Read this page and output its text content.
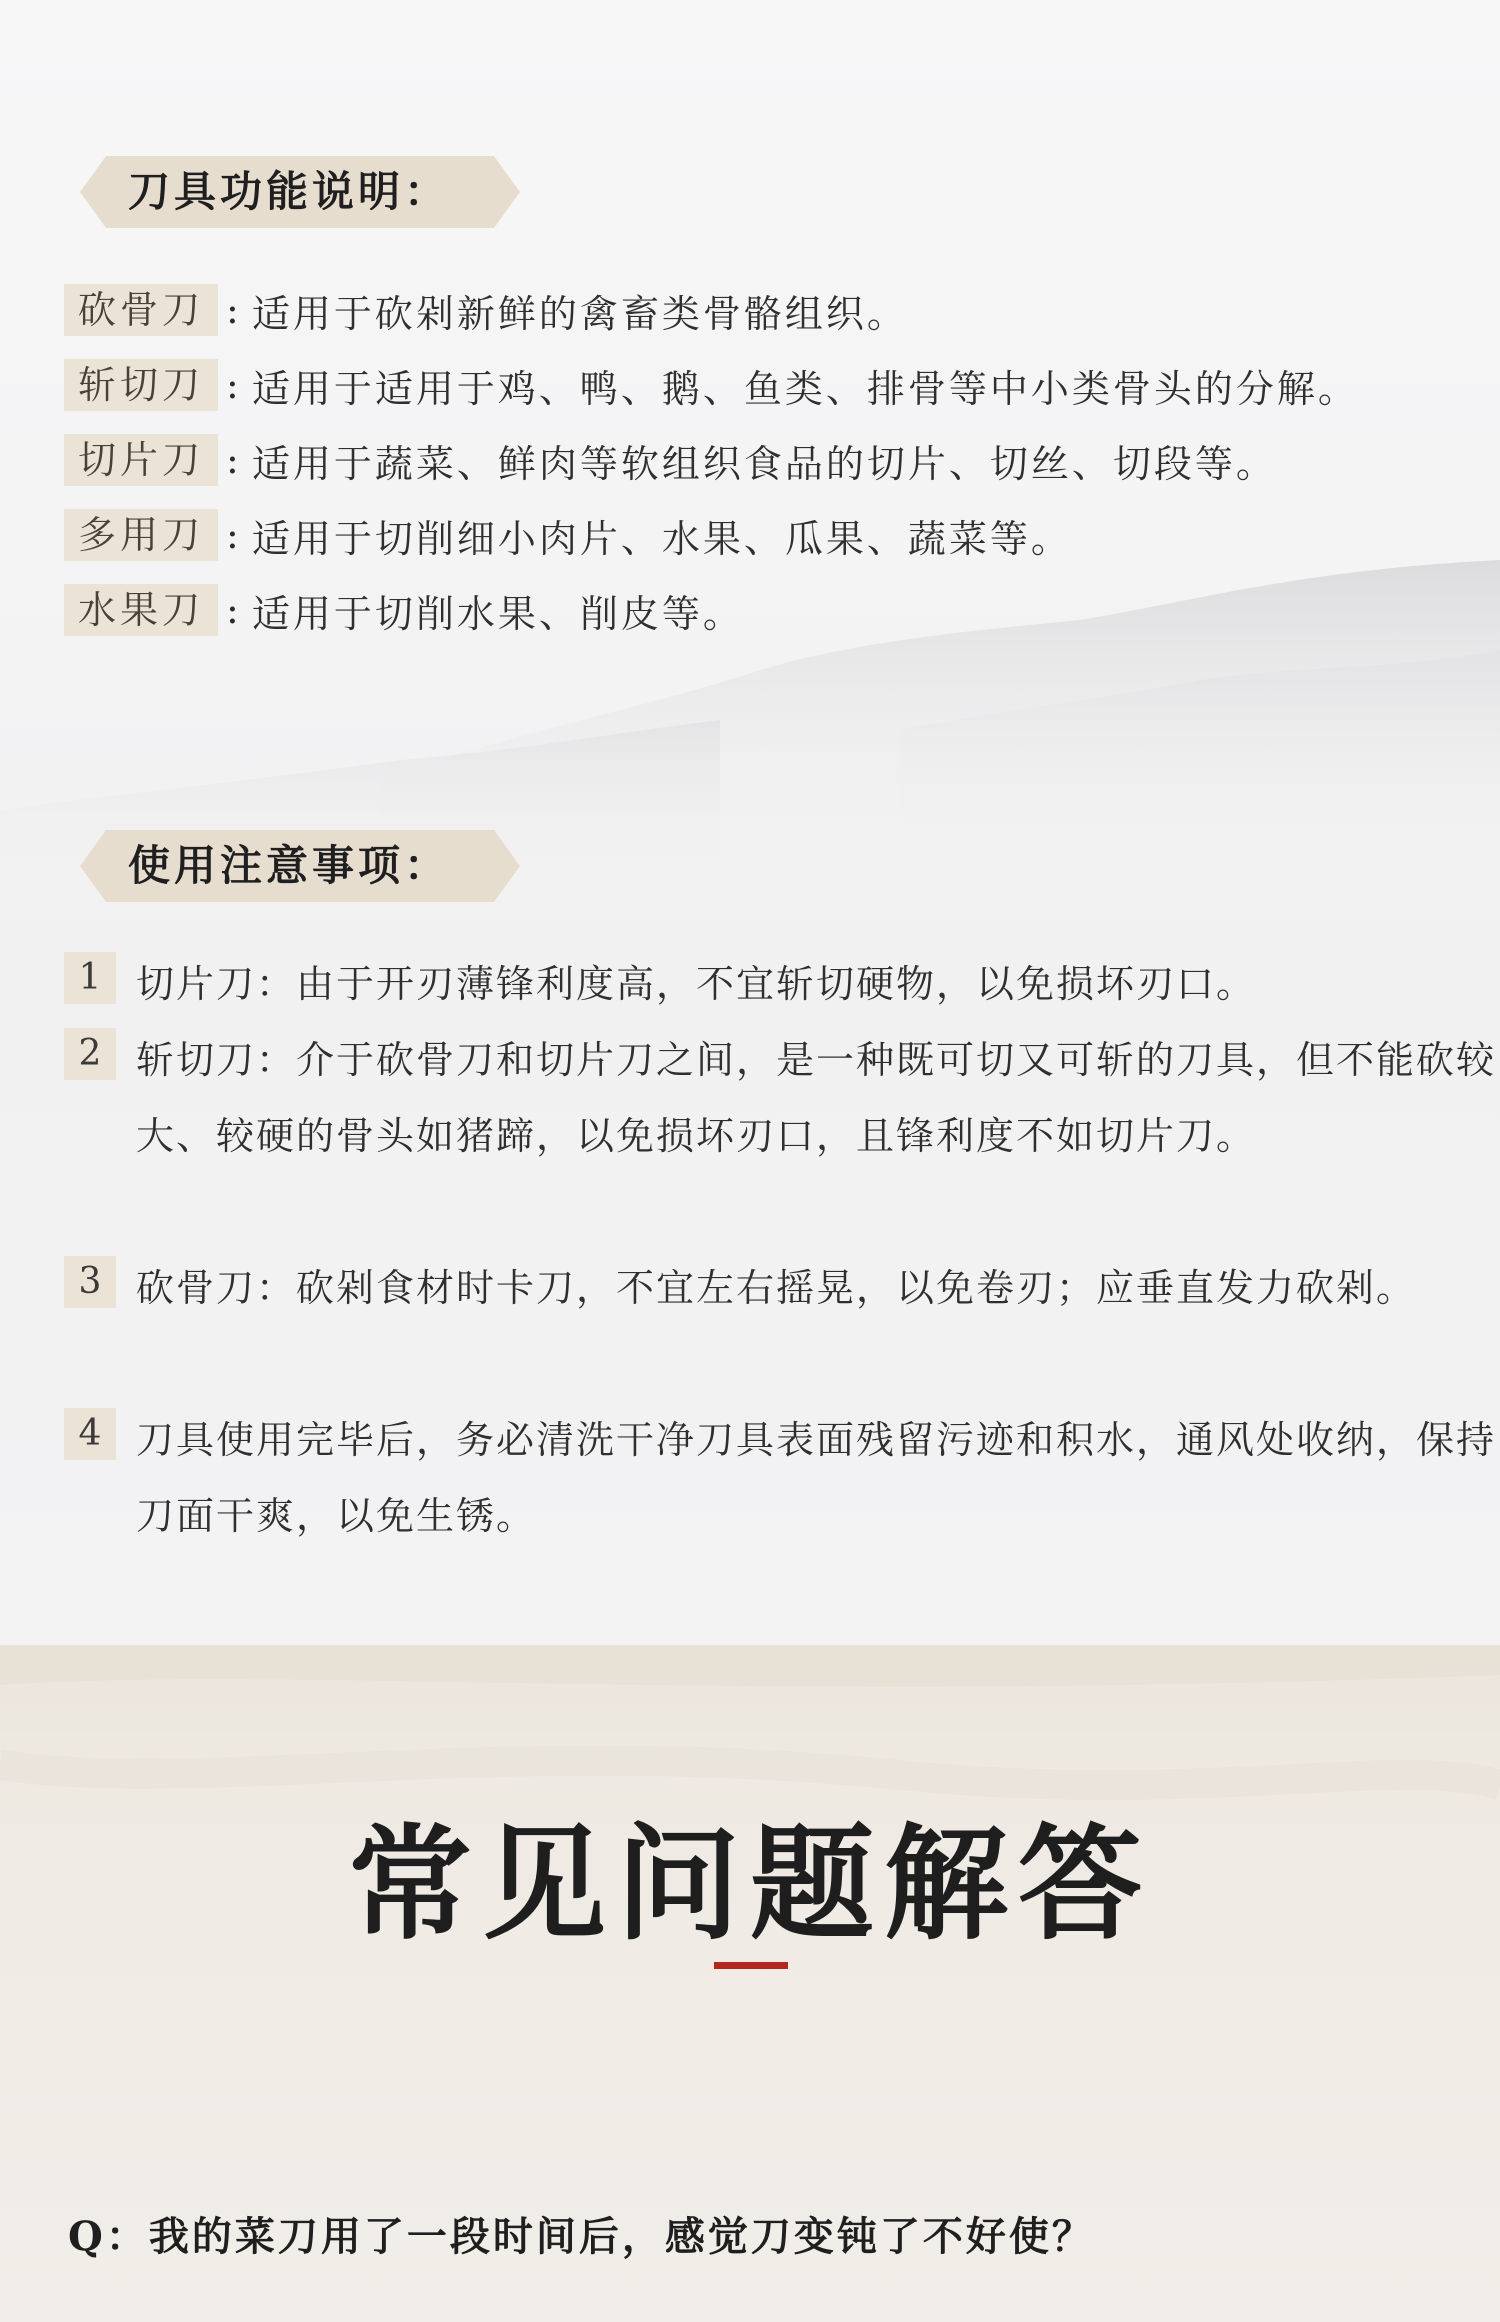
刀具功能说明：
砍骨刀 : 适用于砍剁新鲜的禽畜类骨骼组织。
斩切刀 : 适用于适用于鸡、鸭、鹅、鱼类、排骨等中小类骨头的分解。
切片刀 : 适用于蔬菜、鲜肉等软组织食品的切片、切丝、切段等。
多用刀 : 适用于切削细小肉片、水果、瓜果、蔬菜等。
水果刀 : 适用于切削水果、削皮等。
使用注意事项：
1 切片刀：由于开刃薄锋利度高，不宜斩切硬物，以免损坏刃口。
2 斩切刀：介于砍骨刀和切片刀之间，是一种既可切又可斩的刀具，但不能砍较大、较硬的骨头如猪蹄，以免损坏刃口，且锋利度不如切片刀。
3 砍骨刀：砍剁食材时卡刀，不宜左右摇晃，以免卷刃；应垂直发力砍剁。
4 刀具使用完毕后，务必清洗干净刀具表面残留污迹和积水，通风处收纳，保持刀面干爽，以免生锈。
常见问题解答
Q：我的菜刀用了一段时间后，感觉刀变钝了不好使？
